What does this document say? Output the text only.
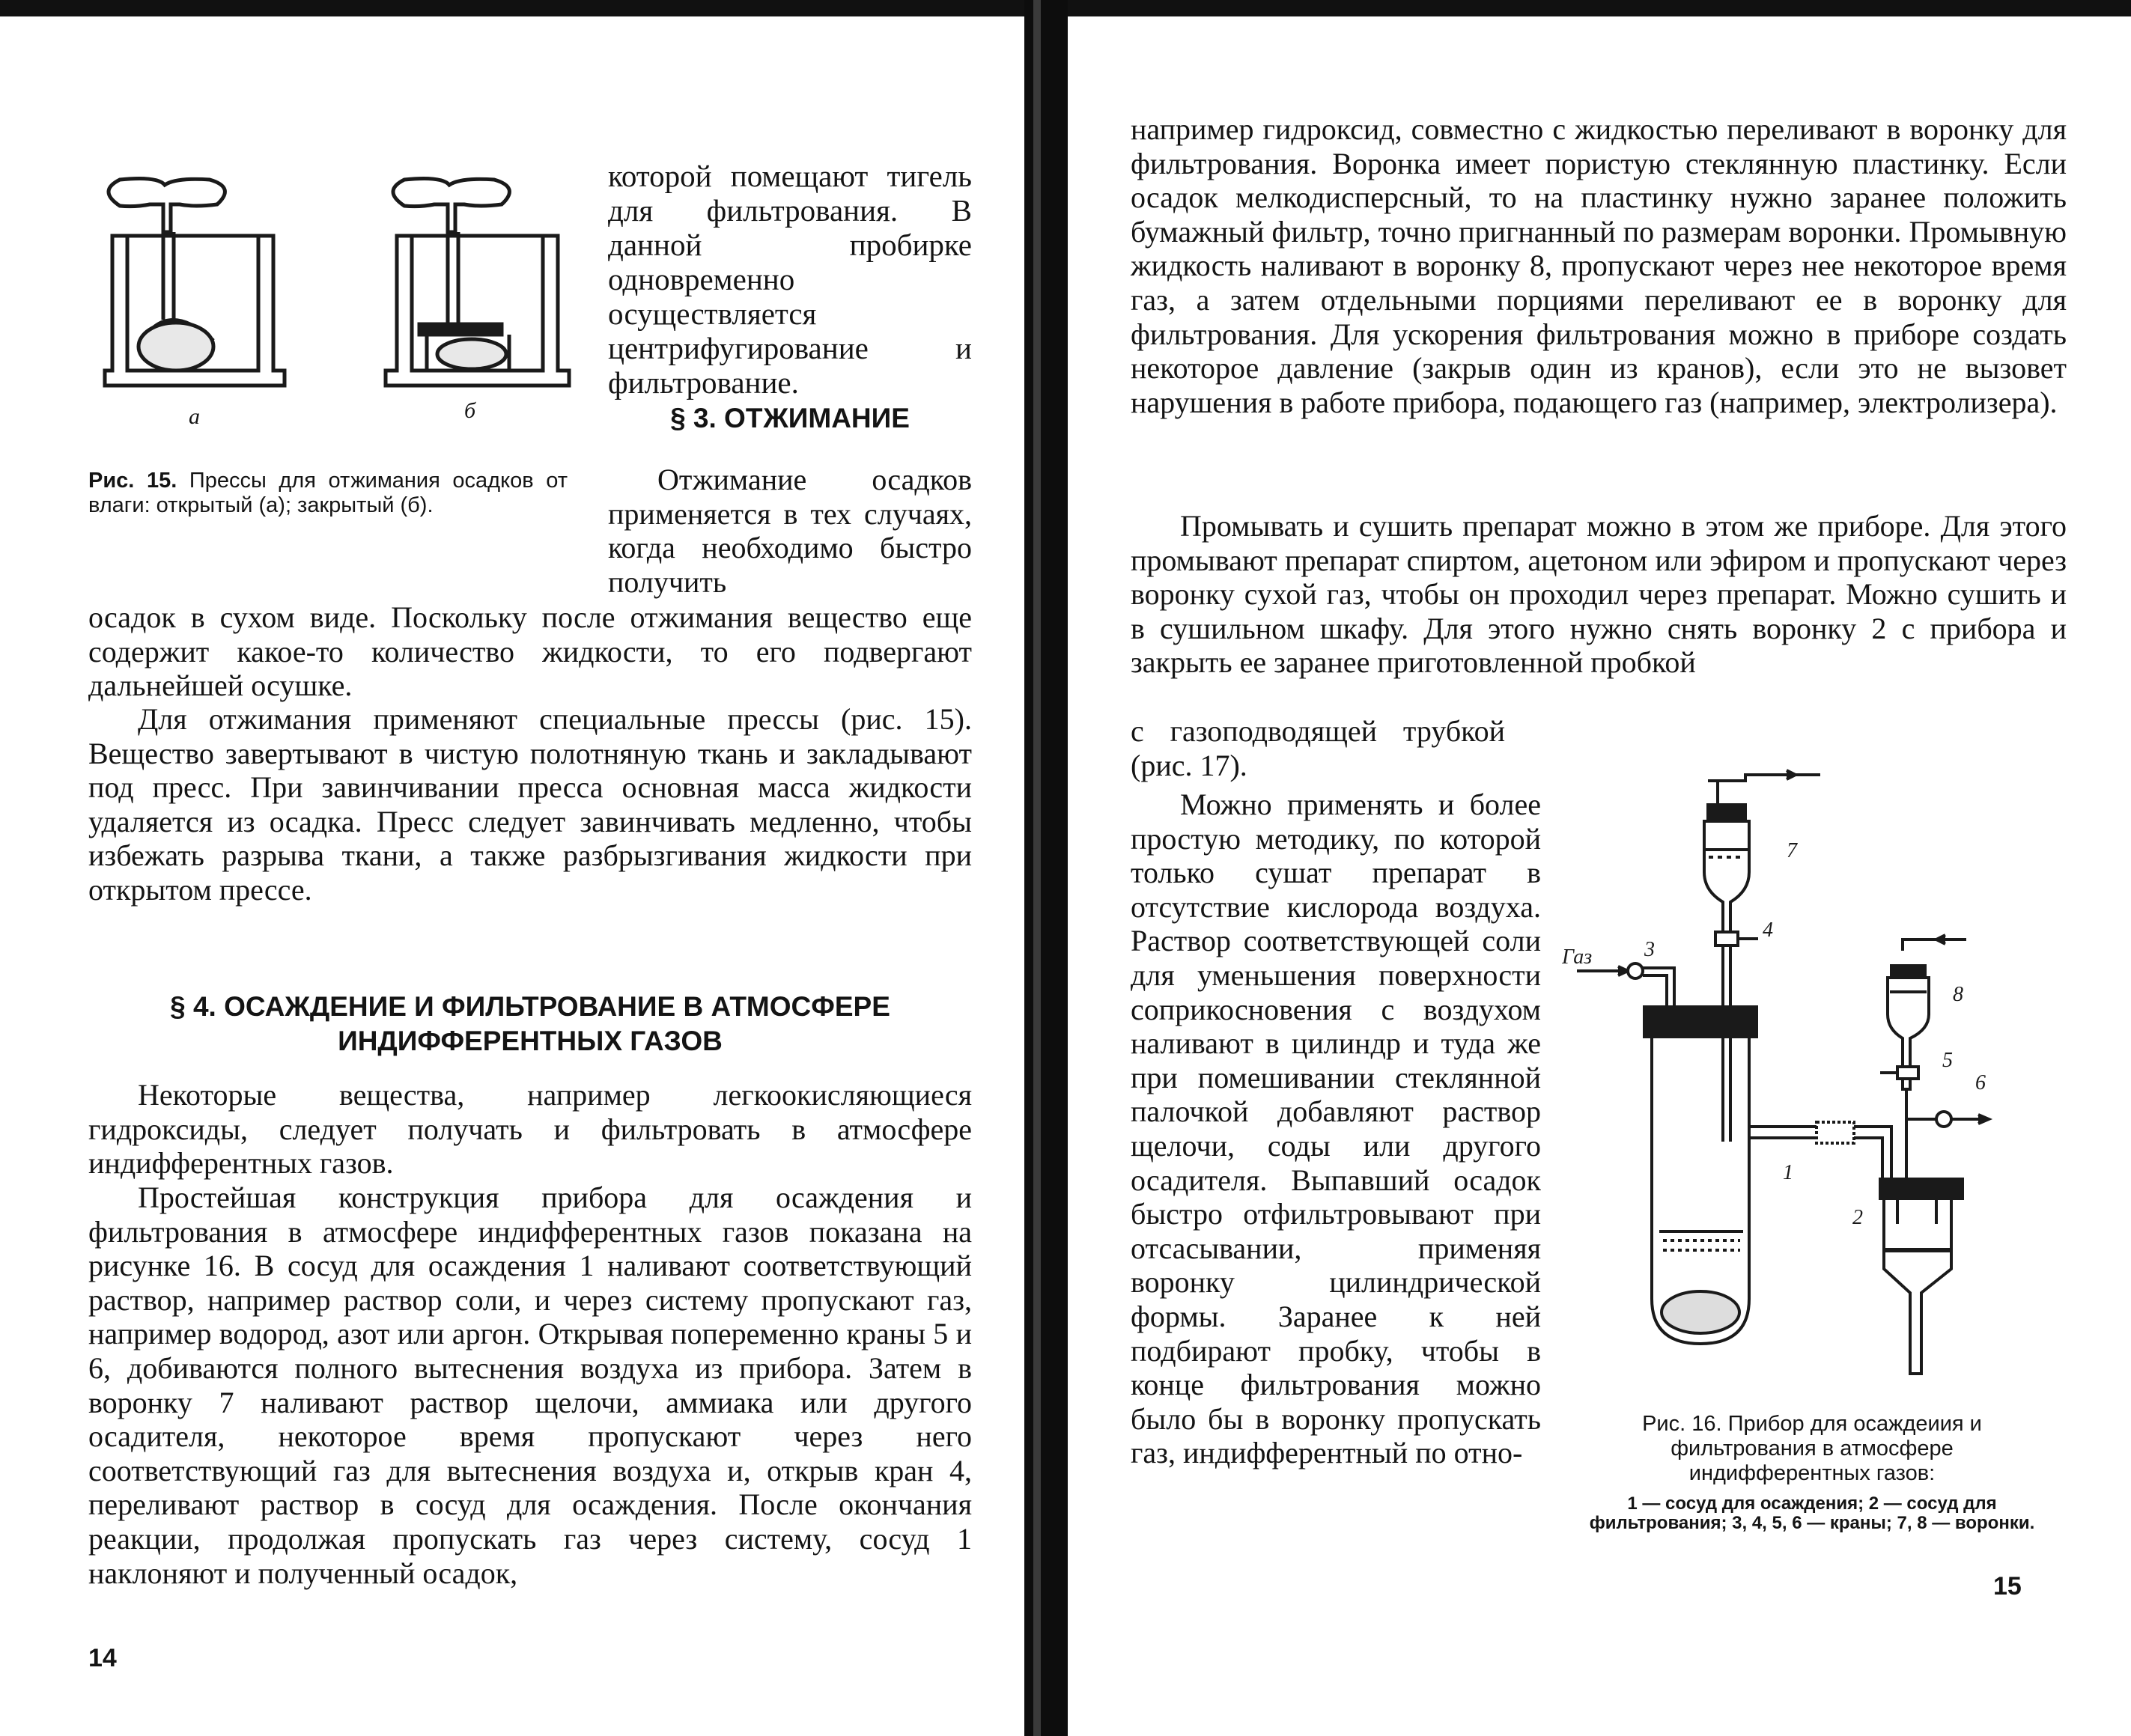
а	б

Рис. 15. Прессы для отжимания осадков от влаги: открытый (а); закрытый (б).

которой помещают тигель для фильтрования. В данной пробирке одновременно осуществляется центрифугирование и фильтрование.

§ 3. ОТЖИМАНИЕ

Отжимание осадков применяется в тех случаях, когда необходимо быстро получить

осадок в сухом виде. Поскольку после отжимания вещество еще содержит какое-то количество жидкости, то его подвергают дальнейшей осушке.

Для отжимания применяют специальные прессы (рис. 15). Вещество завертывают в чистую полотняную ткань и закладывают под пресс. При завинчивании пресса основная масса жидкости удаляется из осадка. Пресс следует завинчивать медленно, чтобы избежать разрыва ткани, а также разбрызгивания жидкости при открытом прессе.

§ 4. ОСАЖДЕНИЕ И ФИЛЬТРОВАНИЕ В АТМОСФЕРЕ

ИНДИФФЕРЕНТНЫХ ГАЗОВ

Некоторые вещества, например легкоокисляющиеся гидроксиды, следует получать и фильтровать в атмосфере индифферентных газов.

Простейшая конструкция прибора для осаждения и фильтрования в атмосфере индифферентных газов показана на рисунке 16. В сосуд для осаждения 1 наливают соответствующий раствор, например раствор соли, и через систему пропускают газ, например водород, азот или аргон. Открывая попеременно краны 5 и 6, добиваются полного вытеснения воздуха из прибора. Затем в воронку 7 наливают раствор щелочи, аммиака или другого осадителя, некоторое время пропускают через него соответствующий газ для вытеснения воздуха и, открыв кран 4, переливают раствор в сосуд для осаждения. После окончания реакции, продолжая пропускать газ через систему, сосуд 1 наклоняют и полученный осадок,

14

например гидроксид, совместно с жидкостью переливают в воронку для фильтрования. Воронка имеет пористую стеклянную пластинку. Если осадок мелкодисперсный, то на пластинку нужно заранее положить бумажный фильтр, точно пригнанный по размерам воронки. Промывную жидкость наливают в воронку 8, пропускают через нее некоторое время газ, а затем отдельными порциями переливают ее в воронку для фильтрования. Для ускорения фильтрования можно в приборе создать некоторое давление (закрыв один из кранов), если это не вызовет нарушения в работе прибора, подающего газ (например, электролизера).

Промывать и сушить препарат можно в этом же приборе. Для этого промывают препарат спиртом, ацетоном или эфиром и пропускают через воронку сухой газ, чтобы он проходил через препарат. Можно сушить и в сушильном шкафу. Для этого нужно снять воронку 2 с прибора и закрыть ее заранее приготовленной пробкой

с газоподводящей трубкой (рис. 17).

Можно применять и более простую методику, по которой только сушат препарат в отсутствие кислорода воздуха. Раствор соответствующей соли для уменьшения поверхности соприкосновения с воздухом наливают в цилиндр и туда же при помешивании стеклянной палочкой добавляют раствор щелочи, соды или другого осадителя. Выпавший осадок быстро отфильтровывают при отсасывании, применяя воронку цилиндрической формы. Заранее к ней подбирают пробку, чтобы в конце фильтрования можно было бы в воронку пропускать газ, индифферентный по отно-

Газ
7
4
3
8
5
6
1
2

Рис. 16. Прибор для осаждеиия и фильтрования в атмосфере индифферентных газов:

1 — сосуд для осаждения; 2 — сосуд для фильтрования; 3, 4, 5, 6 — краны; 7, 8 — воронки.

15
